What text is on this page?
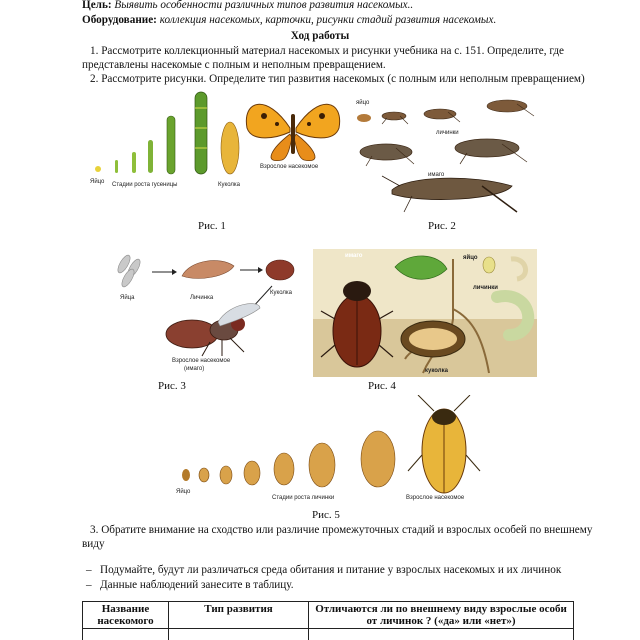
Цель: Выявить особенности различных типов развития насекомых..
Оборудование: коллекция насекомых, карточки, рисунки стадий развития насекомых.
Ход работы
1. Рассмотрите коллекционный материал насекомых и рисунки учебника на с. 151. Определите, где
представлены насекомые с полным и неполным превращением.
2. Рассмотрите рисунки. Определите тип развития насекомых (с полным или неполным превращением)
Яйцо Стадии роста гусеницы	Куколка
Взрослое насекомое
яйцо
личинки
имаго
Рис. 1	Рис. 2
Яйца	Личинка
Куколка
Взрослое насекомое
(имаго)
имаго	яйцо
личинки
куколка
Рис. 3	Рис. 4
Яйцо
Стадии роста личинки	Взрослое насекомое
Рис. 5
3. Обратите внимание на сходство или различие промежуточных стадий и взрослых особей по внешнему
виду
– Подумайте, будут ли различаться среда обитания и питание у взрослых насекомых и их личинок
– Данные наблюдений занесите в таблицу.
Название насекомого	Тип развития	Отличаются ли по внешнему виду взрослые особи от личинок ? («да» или «нет»)
